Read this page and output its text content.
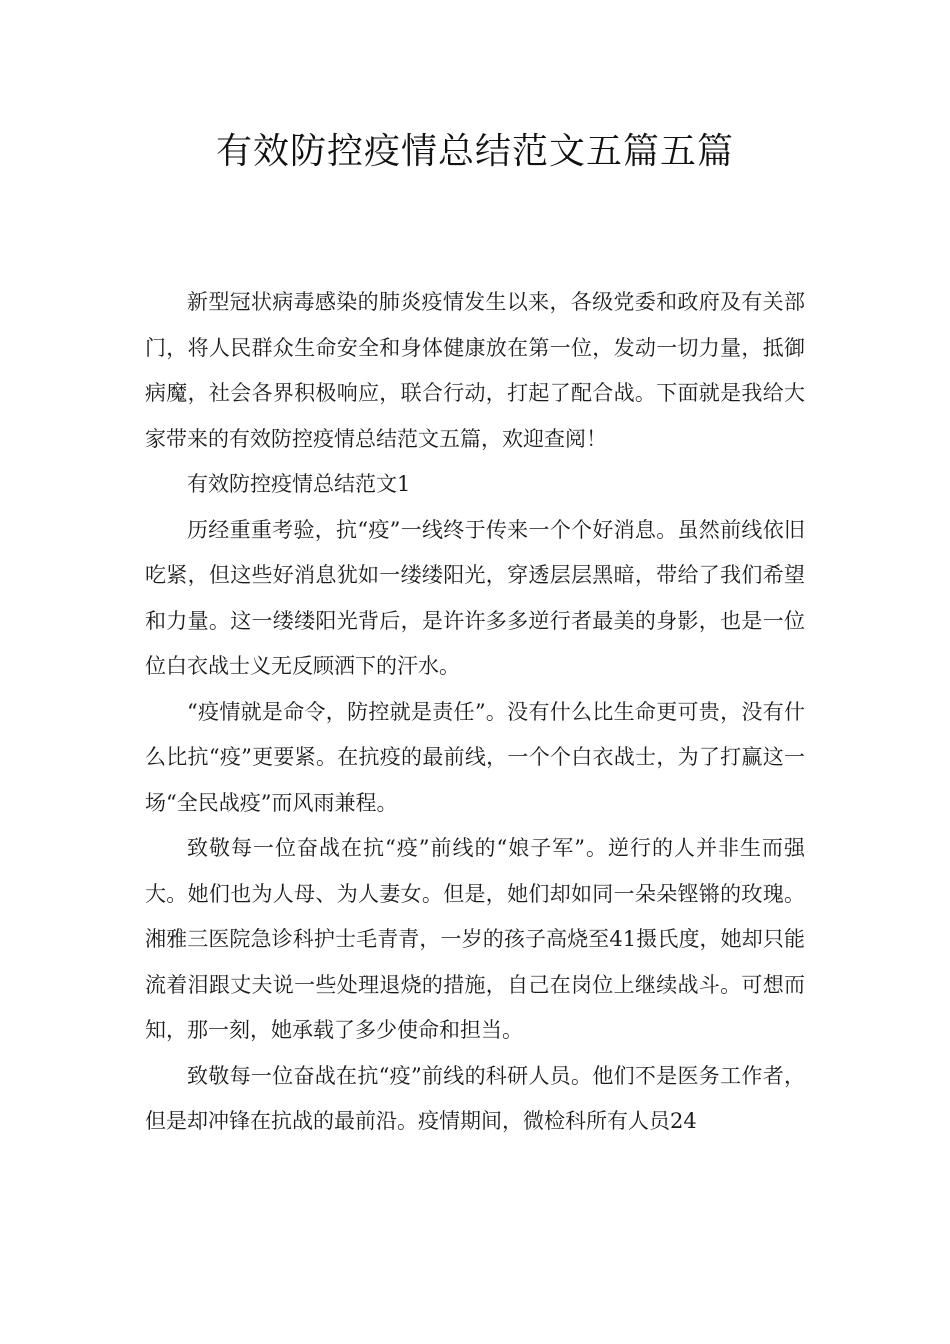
有效防控疫情总结范文五篇五篇

新型冠状病毒感染的肺炎疫情发生以来，各级党委和政府及有关部门，将人民群众生命安全和身体健康放在第一位，发动一切力量，抵御病魔，社会各界积极响应，联合行动，打起了配合战。下面就是我给大家带来的有效防控疫情总结范文五篇，欢迎查阅！

有效防控疫情总结范文1

历经重重考验，抗“疫”一线终于传来一个个好消息。虽然前线依旧吃紧，但这些好消息犹如一缕缕阳光，穿透层层黑暗，带给了我们希望和力量。这一缕缕阳光背后，是许许多多逆行者最美的身影，也是一位位白衣战士义无反顾洒下的汗水。

“疫情就是命令，防控就是责任”。没有什么比生命更可贵，没有什么比抗“疫”更要紧。在抗疫的最前线，一个个白衣战士，为了打赢这一场“全民战疫”而风雨兼程。

致敬每一位奋战在抗“疫”前线的“娘子军”。逆行的人并非生而强大。她们也为人母、为人妻女。但是，她们却如同一朵朵铿锵的玫瑰。湘雅三医院急诊科护士毛青青，一岁的孩子高烧至41摄氏度，她却只能流着泪跟丈夫说一些处理退烧的措施，自己在岗位上继续战斗。可想而知，那一刻，她承载了多少使命和担当。

致敬每一位奋战在抗“疫”前线的科研人员。他们不是医务工作者，但是却冲锋在抗战的最前沿。疫情期间，微检科所有人员24
